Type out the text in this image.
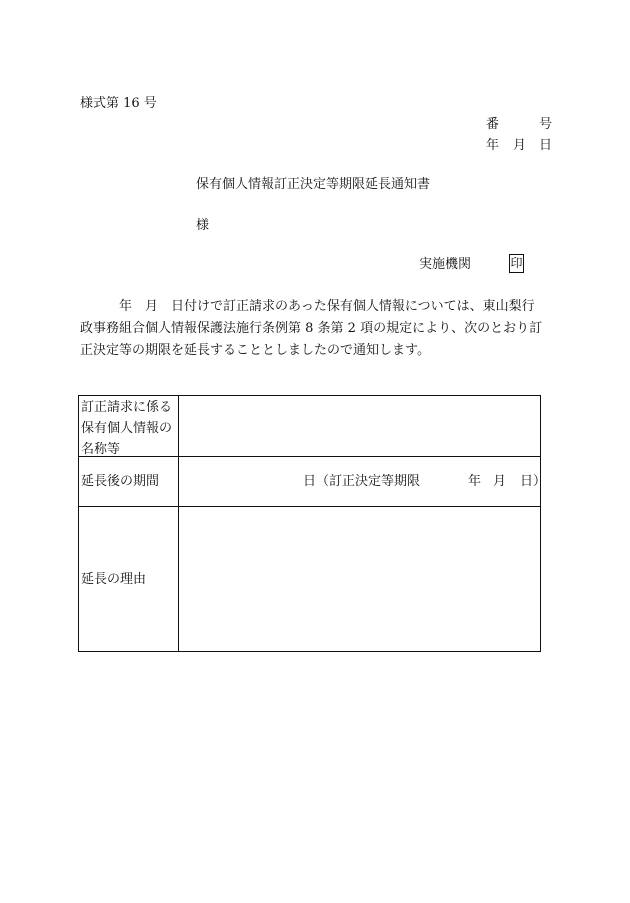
様式第 16 号
番	号
年 月 日
保有個人情報訂正決定等期限延長通知書
様
実施機関	印
　　　年　月　日付けで訂正請求のあった保有個人情報については、東山梨行
政事務組合個人情報保護法施行条例第 8 条第 2 項の規定により、次のとおり訂
正決定等の期限を延長することとしましたので通知します。
訂正請求に係る
保有個人情報の
名称等
延長後の期間	日（訂正決定等期限	年 月 日）
延長の理由
